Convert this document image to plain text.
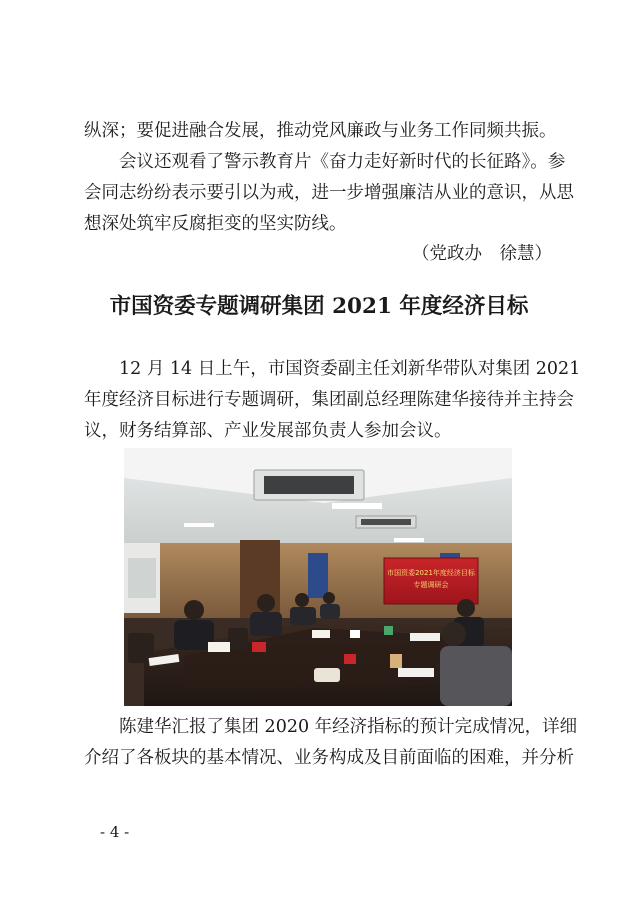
纵深；要促进融合发展，推动党风廉政与业务工作同频共振。
　　会议还观看了警示教育片《奋力走好新时代的长征路》。参
会同志纷纷表示要引以为戒，进一步增强廉洁从业的意识，从思
想深处筑牢反腐拒变的坚实防线。
（党政办　徐慧）
市国资委专题调研集团 2021 年度经济目标
　　12 月 14 日上午，市国资委副主任刘新华带队对集团 2021
年度经济目标进行专题调研，集团副总经理陈建华接待并主持会
议，财务结算部、产业发展部负责人参加会议。
市国资委2021年度经济目标
专题调研会
　　陈建华汇报了集团 2020 年经济指标的预计完成情况，详细
介绍了各板块的基本情况、业务构成及目前面临的困难，并分析
- 4 -
